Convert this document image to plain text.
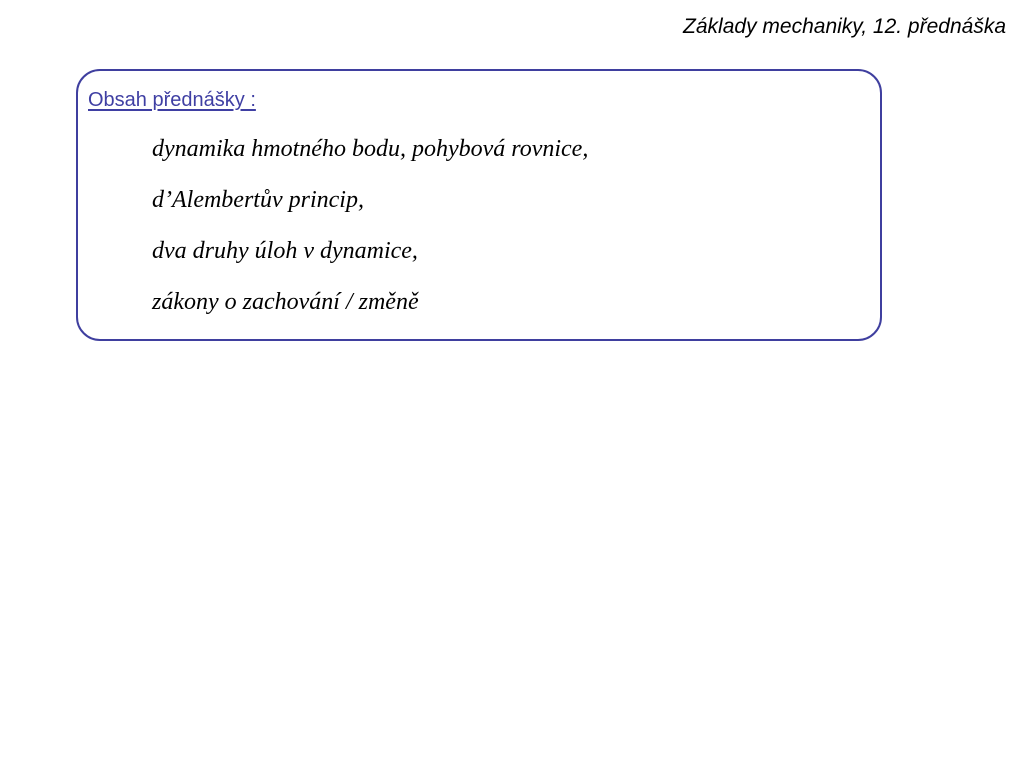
Základy mechaniky, 12. přednáška
Obsah přednášky :
dynamika hmotného bodu, pohybová rovnice,
d’Alembertův princip,
dva druhy úloh v dynamice,
zákony o zachování / změně
